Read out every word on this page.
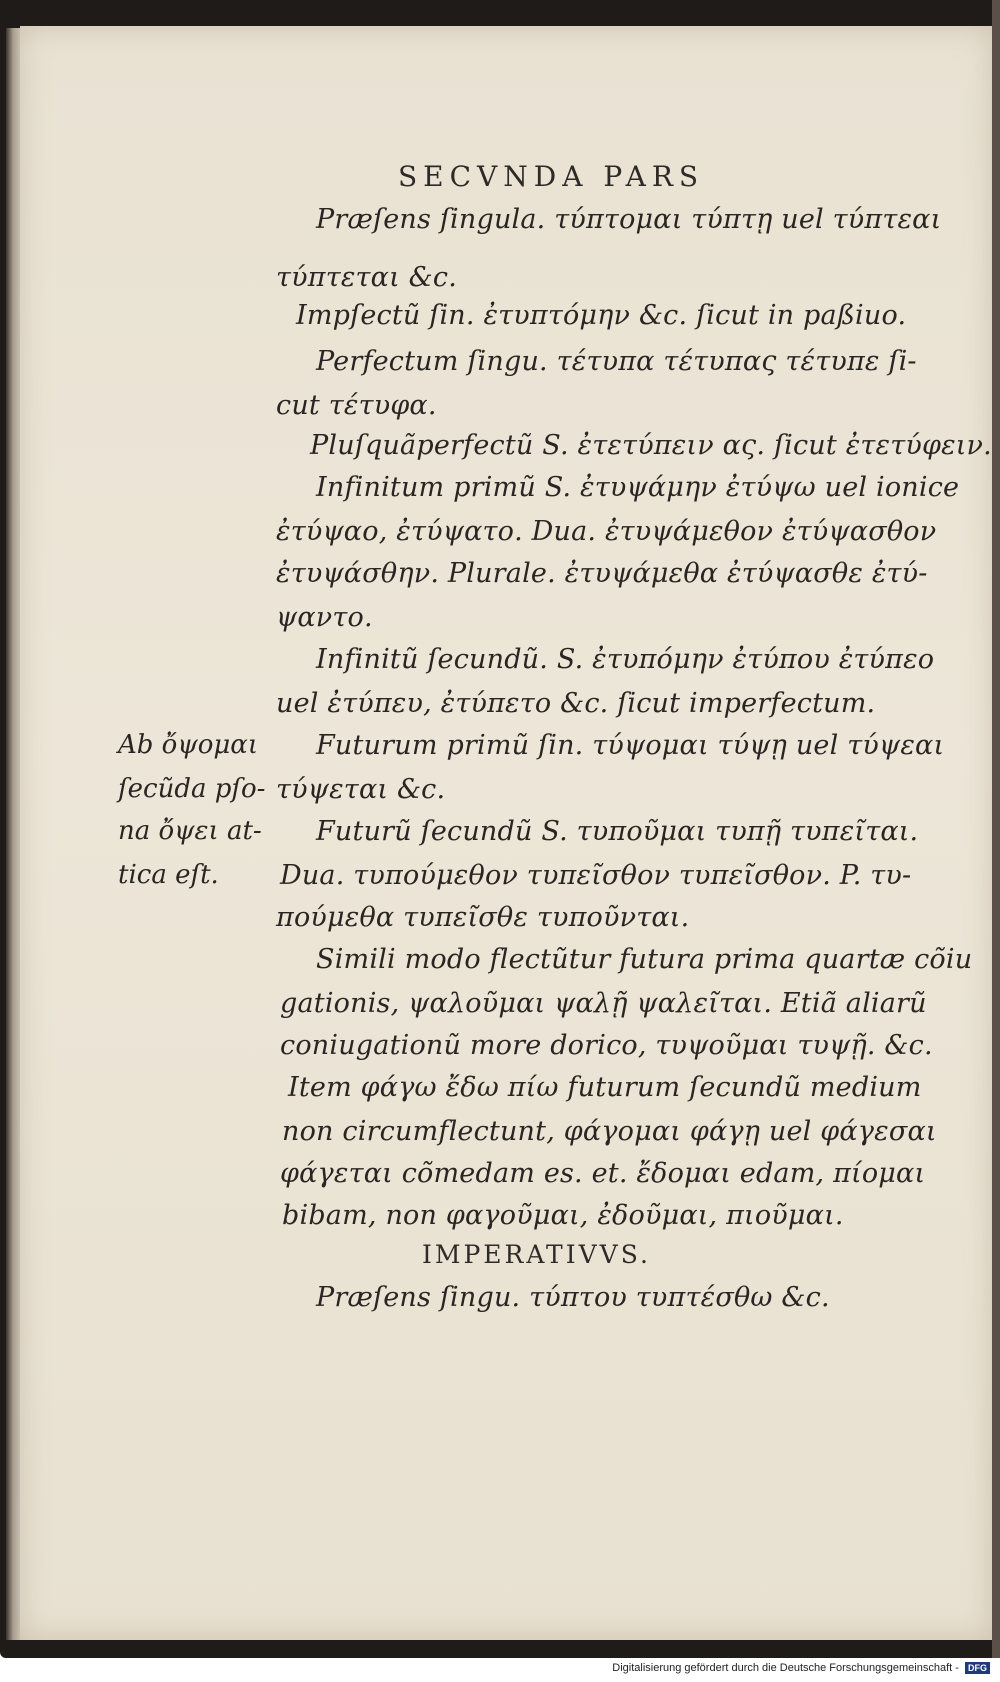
SECVNDA PARS
Præſens ſingula. τύπτομαι τύπτῃ uel τύπτεαι
τύπτεται &c.
Impſectũ ſin. ἐτυπτόμην &c. ſicut in paßiuo.
Perfectum ſingu. τέτυπα τέτυπας τέτυπε ſi-
cut τέτυφα.
Pluſquãperfectũ S. ἐτετύπειν ας. ſicut ἐτετύφειν.
Infinitum primũ S. ἐτυψάμην ἐτύψω uel ionice
ἐτύψαο, ἐτύψατο. Dua. ἐτυψάμεθον ἐτύψασθον
ἐτυψάσθην. Plurale. ἐτυψάμεθα ἐτύψασθε ἐτύ-
ψαντο.
Infinitũ ſecundũ. S. ἐτυπόμην ἐτύπου ἐτύπεο
uel ἐτύπευ, ἐτύπετο &c. ſicut imperfectum.
Futurum primũ ſin. τύψομαι τύψῃ uel τύψεαι
τύψεται &c.
Futurũ ſecundũ S. τυποῦμαι τυπῇ τυπεῖται.
Dua. τυπούμεθον τυπεῖσθον τυπεῖσθον. P. τυ-
πούμεθα τυπεῖσθε τυποῦνται.
Simili modo flectũtur futura prima quartæ cõiu
gationis, ψαλοῦμαι ψαλῇ ψαλεῖται. Etiã aliarũ
coniugationũ more dorico, τυψοῦμαι τυψῇ. &c.
Item φάγω ἔδω πίω futurum ſecundũ medium
non circumflectunt, φάγομαι φάγῃ uel φάγεσαι
φάγεται cõmedam es. et. ἔδομαι edam, πίομαι
bibam, non φαγοῦμαι, ἐδοῦμαι, πιοῦμαι.
IMPERATIVVS.
Præſens ſingu. τύπτου τυπτέσθω &c.
Ab ὄψομαι
ſecũda pſo-
na ὄψει at-
tica eſt.
Digitalisierung gefördert durch die Deutsche Forschungsgemeinschaft - DFG
